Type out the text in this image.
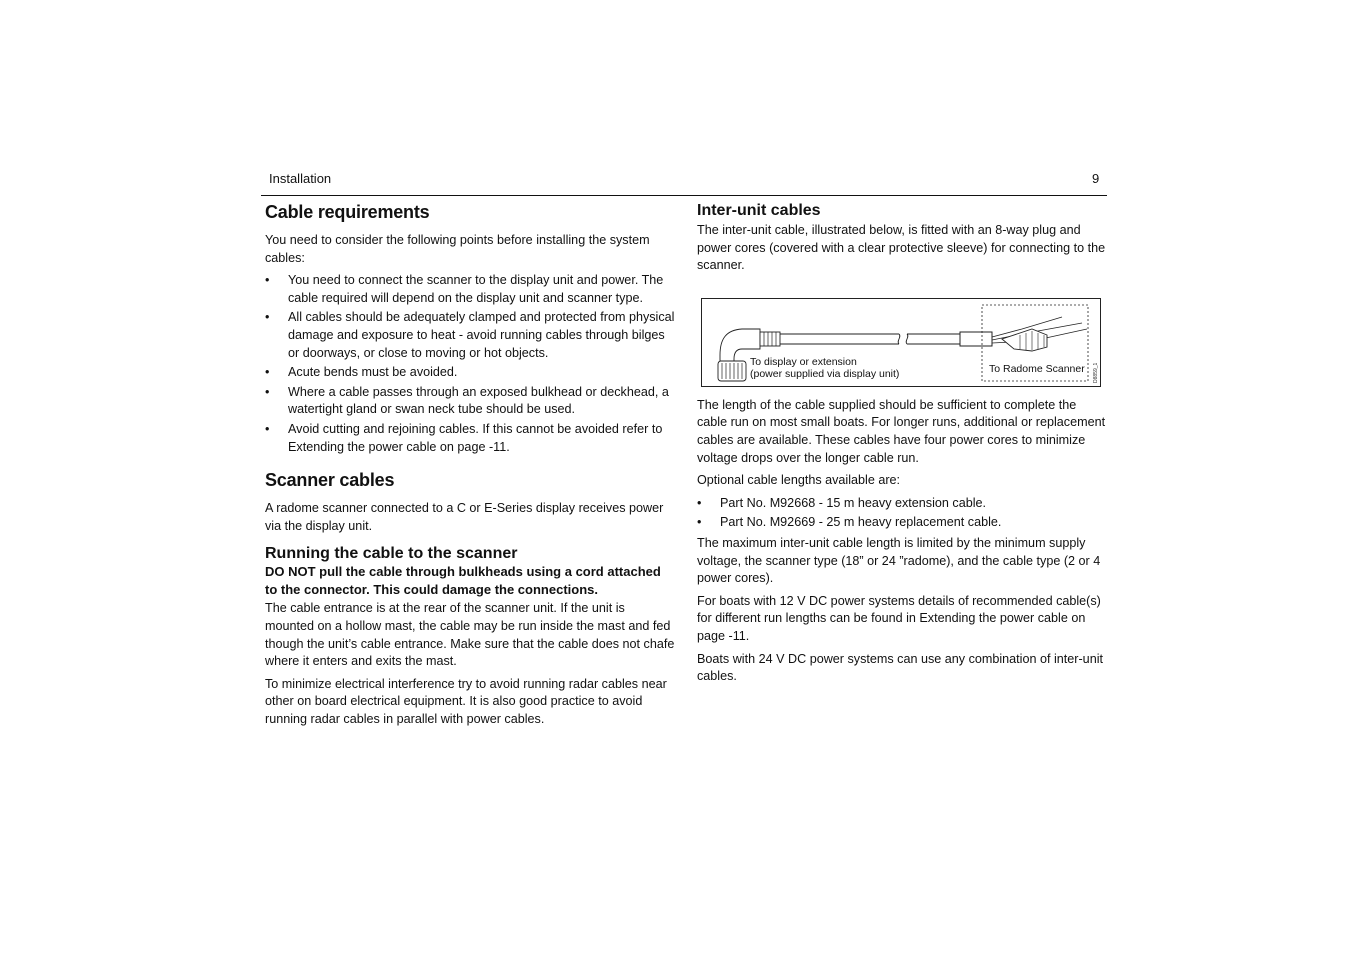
Installation	9
Cable requirements

You need to consider the following points before installing the system cables:

• You need to connect the scanner to the display unit and power. The cable required will depend on the display unit and scanner type.
• All cables should be adequately clamped and protected from physical damage and exposure to heat - avoid running cables through bilges or doorways, or close to moving or hot objects.
• Acute bends must be avoided.
• Where a cable passes through an exposed bulkhead or deckhead, a watertight gland or swan neck tube should be used.
• Avoid cutting and rejoining cables. If this cannot be avoided refer to Extending the power cable on page -11.
Scanner cables

A radome scanner connected to a C or E-Series display receives power via the display unit.

Running the cable to the scanner

DO NOT pull the cable through bulkheads using a cord attached to the connector. This could damage the connections.

The cable entrance is at the rear of the scanner unit. If the unit is mounted on a hollow mast, the cable may be run inside the mast and fed though the unit’s cable entrance. Make sure that the cable does not chafe where it enters and exits the mast.

To minimize electrical interference try to avoid running radar cables near other on board electrical equipment. It is also good practice to avoid running radar cables in parallel with power cables.

Inter-unit cables

The inter-unit cable, illustrated below, is fitted with an 8-way plug and power cores (covered with a clear protective sleeve) for connecting to the scanner.

To display or extension
(power supplied via display unit)	To Radome Scanner D8859_1

The length of the cable supplied should be sufficient to complete the cable run on most small boats. For longer runs, additional or replacement cables are available. These cables have four power cores to minimize voltage drops over the longer cable run.

Optional cable lengths available are:

• Part No. M92668 - 15 m heavy extension cable.
• Part No. M92669 - 25 m heavy replacement cable.

The maximum inter-unit cable length is limited by the minimum supply voltage, the scanner type (18” or 24 ”radome), and the cable type (2 or 4 power cores).

For boats with 12 V DC power systems details of recommended cable(s) for different run lengths can be found in Extending the power cable on page -11.

Boats with 24 V DC power systems can use any combination of inter-unit cables.
